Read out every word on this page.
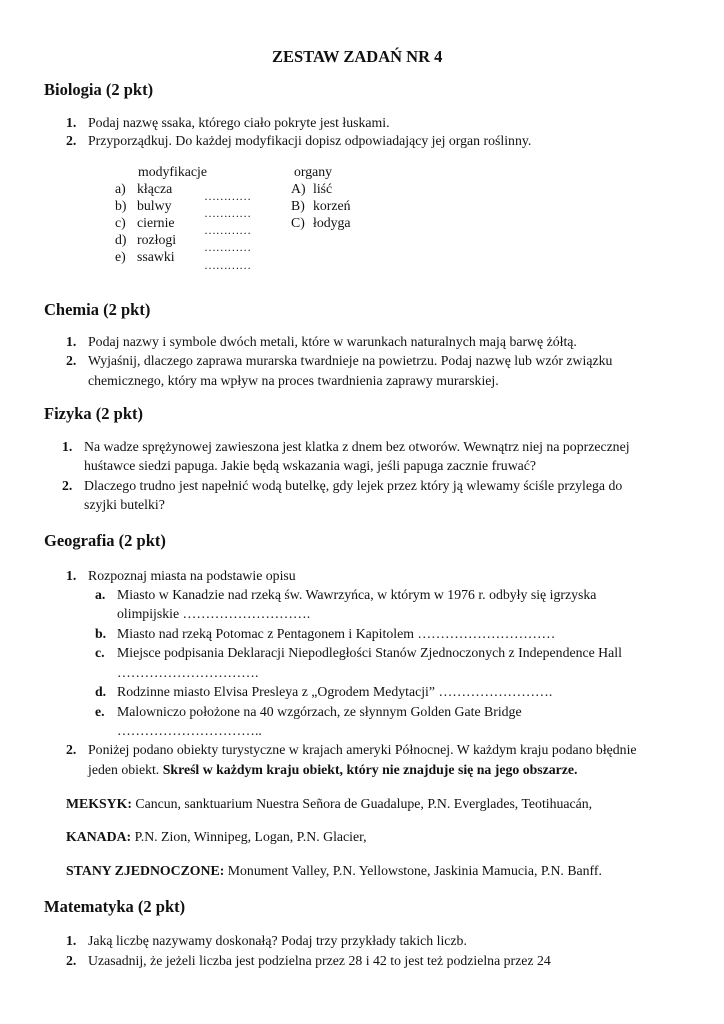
ZESTAW ZADAŃ NR 4
Biologia (2 pkt)
1. Podaj nazwę ssaka, którego ciało pokryte jest łuskami.
2. Przyporządkuj. Do każdej modyfikacji dopisz odpowiadający jej organ roślinny.
modyfikacje	organy
a) kłącza
b) bulwy
c) ciernie
d) rozłogi
e) ssawki
…………
…………
…………
…………
…………
A) liść
B) korzeń
C) łodyga
Chemia (2 pkt)
1. Podaj nazwy i symbole dwóch metali, które w warunkach naturalnych mają barwę żółtą.
2. Wyjaśnij, dlaczego zaprawa murarska twardnieje na powietrzu. Podaj nazwę lub wzór związku
chemicznego, który ma wpływ na proces twardnienia zaprawy murarskiej.
Fizyka (2 pkt)
1. Na wadze sprężynowej zawieszona jest klatka z dnem bez otworów. Wewnątrz niej na poprzecznej
huśtawce siedzi papuga. Jakie będą wskazania wagi, jeśli papuga zacznie fruwać?
2. Dlaczego trudno jest napełnić wodą butelkę, gdy lejek przez który ją wlewamy ściśle przylega do
szyjki butelki?
Geografia (2 pkt)
1. Rozpoznaj miasta na podstawie opisu
a. Miasto w Kanadzie nad rzeką św. Wawrzyńca, w którym w 1976 r. odbyły się igrzyska
olimpijskie ……………………….
b. Miasto nad rzeką Potomac z Pentagonem i Kapitolem …………………………
c. Miejsce podpisania Deklaracji Niepodległości Stanów Zjednoczonych z Independence Hall
………………………….
d. Rodzinne miasto Elvisa Presleya z „Ogrodem Medytacji” …………………….
e. Malowniczo położone na 40 wzgórzach, ze słynnym Golden Gate Bridge
…………………………..
2. Poniżej podano obiekty turystyczne w krajach ameryki Północnej. W każdym kraju podano błędnie
jeden obiekt. Skreśl w każdym kraju obiekt, który nie znajduje się na jego obszarze.
MEKSYK: Cancun, sanktuarium Nuestra Señora de Guadalupe, P.N. Everglades, Teotihuacán,
KANADA: P.N. Zion, Winnipeg, Logan, P.N. Glacier,
STANY ZJEDNOCZONE: Monument Valley, P.N. Yellowstone, Jaskinia Mamucia, P.N. Banff.
Matematyka (2 pkt)
1. Jaką liczbę nazywamy doskonałą? Podaj trzy przykłady takich liczb.
2. Uzasadnij, że jeżeli liczba jest podzielna przez 28 i 42 to jest też podzielna przez 24
